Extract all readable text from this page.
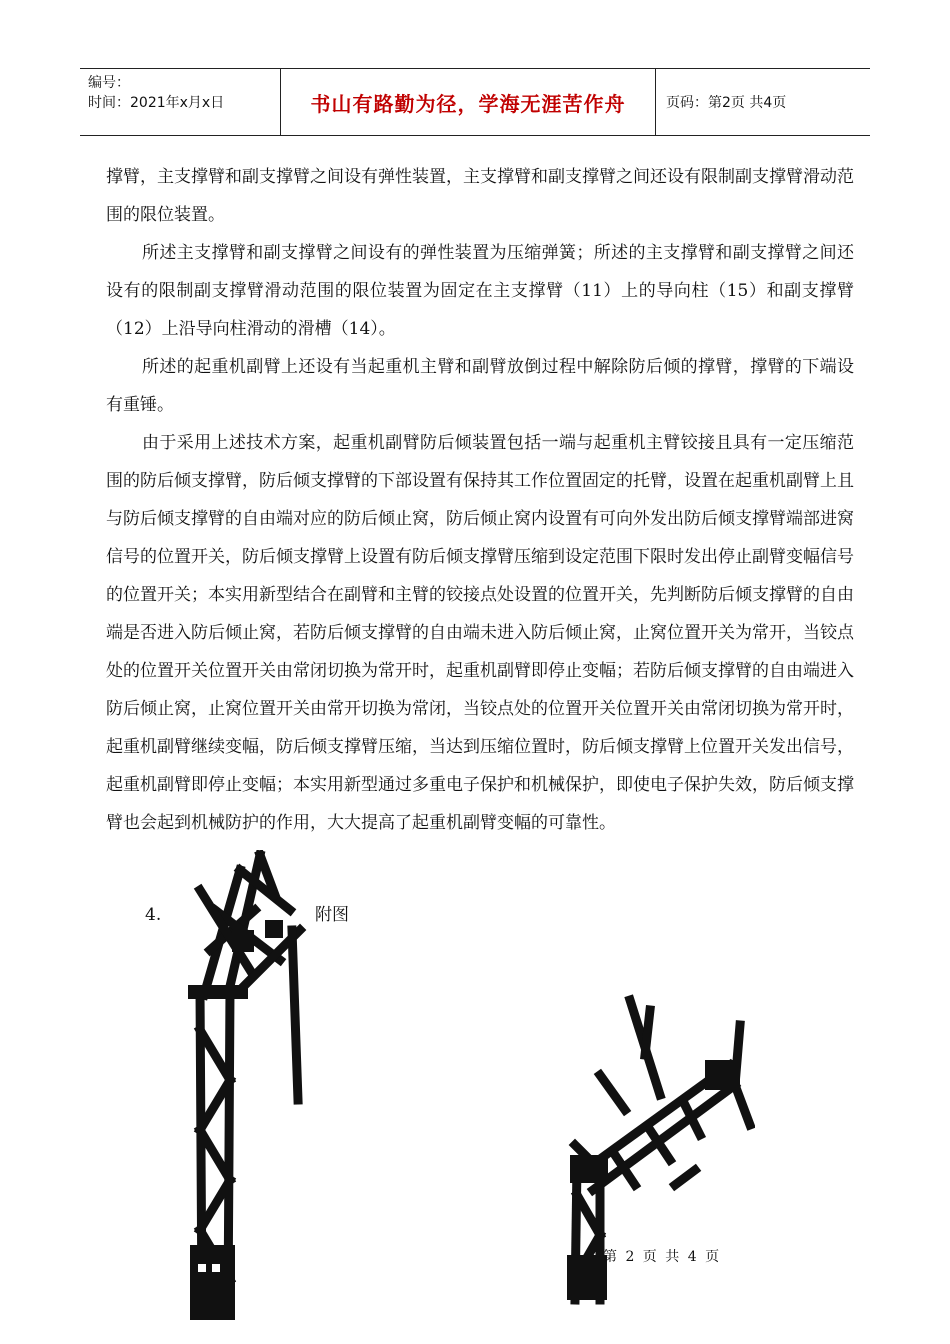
编号：
时间：2021年x月x日	书山有路勤为径，学海无涯苦作舟	页码：第2页 共4页

撑臂，主支撑臂和副支撑臂之间设有弹性装置，主支撑臂和副支撑臂之间还设有限制副支撑臂滑动范围的限位装置。

所述主支撑臂和副支撑臂之间设有的弹性装置为压缩弹簧；所述的主支撑臂和副支撑臂之间还设有的限制副支撑臂滑动范围的限位装置为固定在主支撑臂（11）上的导向柱（15）和副支撑臂（12）上沿导向柱滑动的滑槽（14）。

所述的起重机副臂上还设有当起重机主臂和副臂放倒过程中解除防后倾的撑臂，撑臂的下端设有重锤。

由于采用上述技术方案，起重机副臂防后倾装置包括一端与起重机主臂铰接且具有一定压缩范围的防后倾支撑臂，防后倾支撑臂的下部设置有保持其工作位置固定的托臂，设置在起重机副臂上且与防后倾支撑臂的自由端对应的防后倾止窝，防后倾止窝内设置有可向外发出防后倾支撑臂端部进窝信号的位置开关，防后倾支撑臂上设置有防后倾支撑臂压缩到设定范围下限时发出停止副臂变幅信号的位置开关；本实用新型结合在副臂和主臂的铰接点处设置的位置开关，先判断防后倾支撑臂的自由端是否进入防后倾止窝，若防后倾支撑臂的自由端未进入防后倾止窝，止窝位置开关为常开，当铰点处的位置开关位置开关由常闭切换为常开时，起重机副臂即停止变幅；若防后倾支撑臂的自由端进入防后倾止窝，止窝位置开关由常开切换为常闭，当铰点处的位置开关位置开关由常闭切换为常开时，起重机副臂继续变幅，防后倾支撑臂压缩，当达到压缩位置时，防后倾支撑臂上位置开关发出信号，起重机副臂即停止变幅；本实用新型通过多重电子保护和机械保护，即使电子保护失效，防后倾支撑臂也会起到机械防护的作用，大大提高了起重机副臂变幅的可靠性。

4.	附图
第 2 页 共 4 页
